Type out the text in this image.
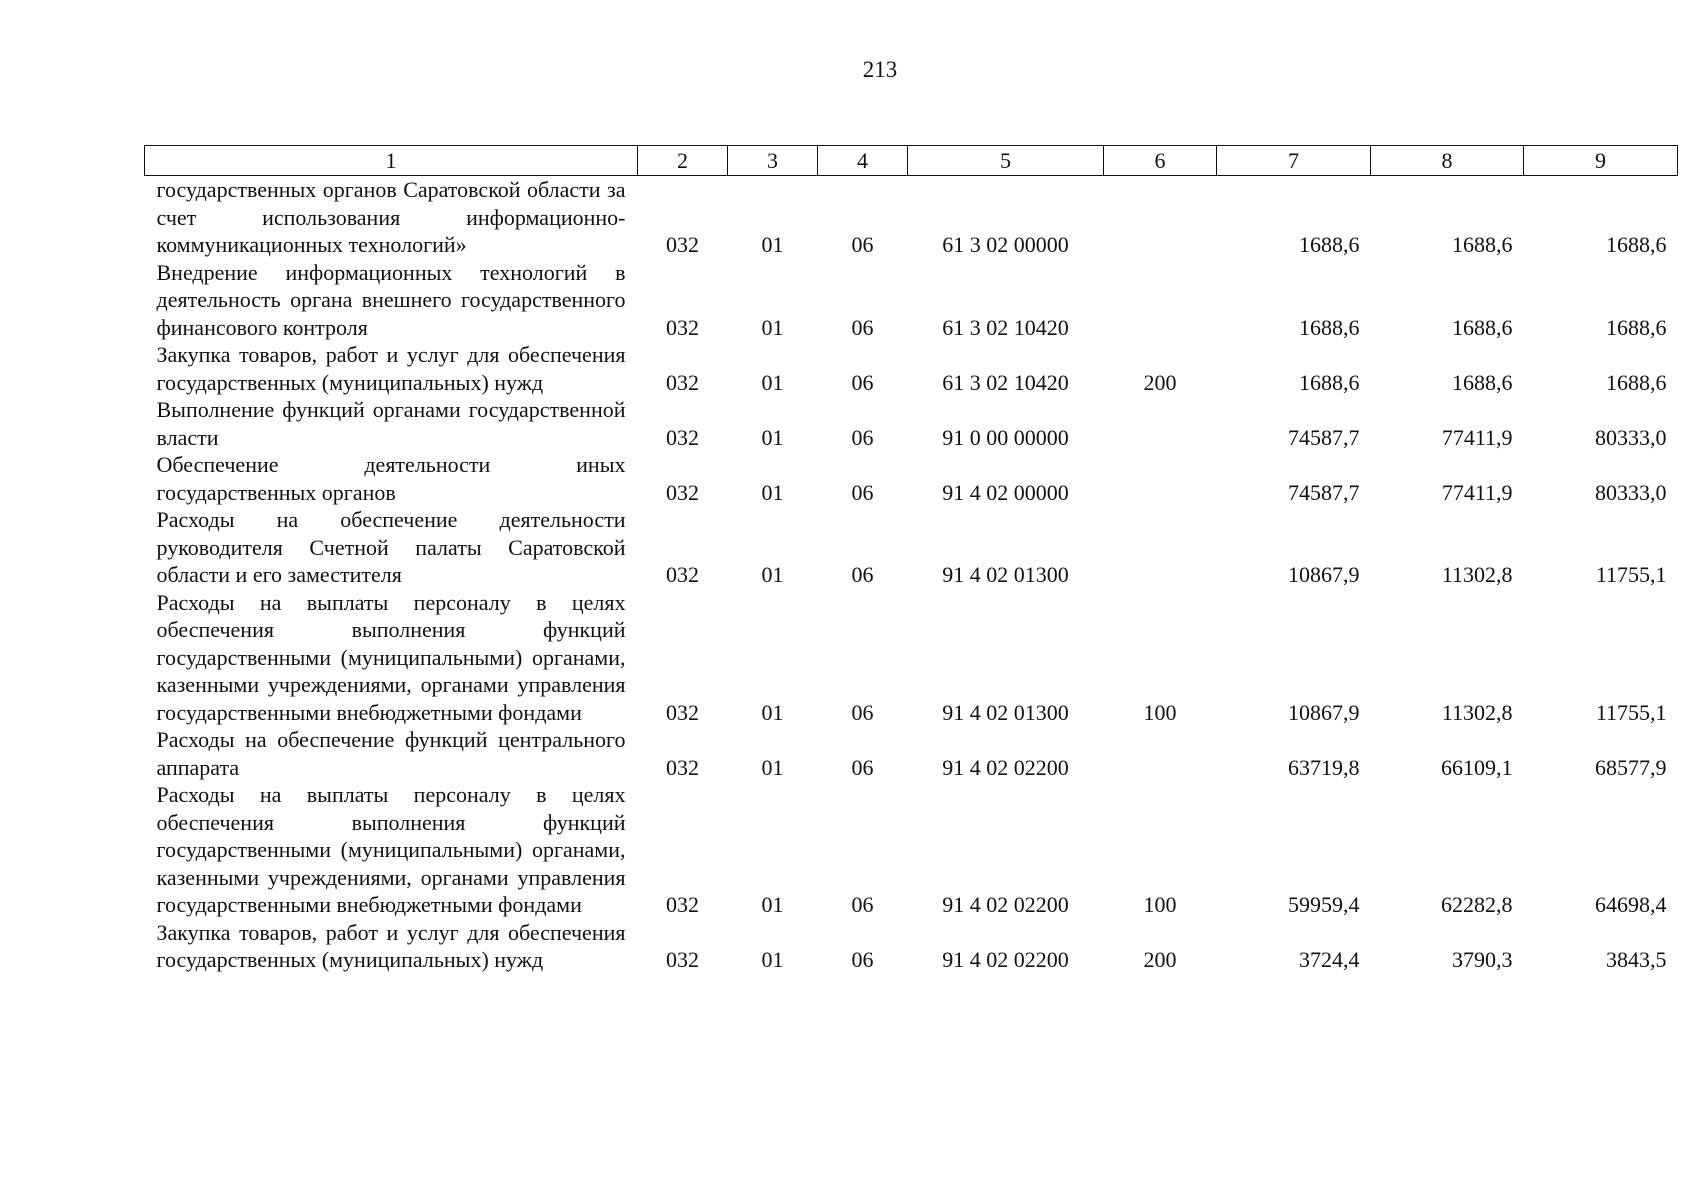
213
1	2	3	4	5	6	7	8	9
государственных органов Саратовской области за счет использования информационно-коммуникационных технологий»	032	01	06	61 3 02 00000		1688,6	1688,6	1688,6
Внедрение информационных технологий в деятельность органа внешнего государственного финансового контроля	032	01	06	61 3 02 10420		1688,6	1688,6	1688,6
Закупка товаров, работ и услуг для обеспечения государственных (муниципальных) нужд	032	01	06	61 3 02 10420	200	1688,6	1688,6	1688,6
Выполнение функций органами государственной власти	032	01	06	91 0 00 00000		74587,7	77411,9	80333,0
Обеспечение деятельности иных государственных органов	032	01	06	91 4 02 00000		74587,7	77411,9	80333,0
Расходы на обеспечение деятельности руководителя Счетной палаты Саратовской области и его заместителя	032	01	06	91 4 02 01300		10867,9	11302,8	11755,1
Расходы на выплаты персоналу в целях обеспечения выполнения функций государственными (муниципальными) органами, казенными учреждениями, органами управления государственными внебюджетными фондами	032	01	06	91 4 02 01300	100	10867,9	11302,8	11755,1
Расходы на обеспечение функций центрального аппарата	032	01	06	91 4 02 02200		63719,8	66109,1	68577,9
Расходы на выплаты персоналу в целях обеспечения выполнения функций государственными (муниципальными) органами, казенными учреждениями, органами управления государственными внебюджетными фондами	032	01	06	91 4 02 02200	100	59959,4	62282,8	64698,4
Закупка товаров, работ и услуг для обеспечения государственных (муниципальных) нужд	032	01	06	91 4 02 02200	200	3724,4	3790,3	3843,5
